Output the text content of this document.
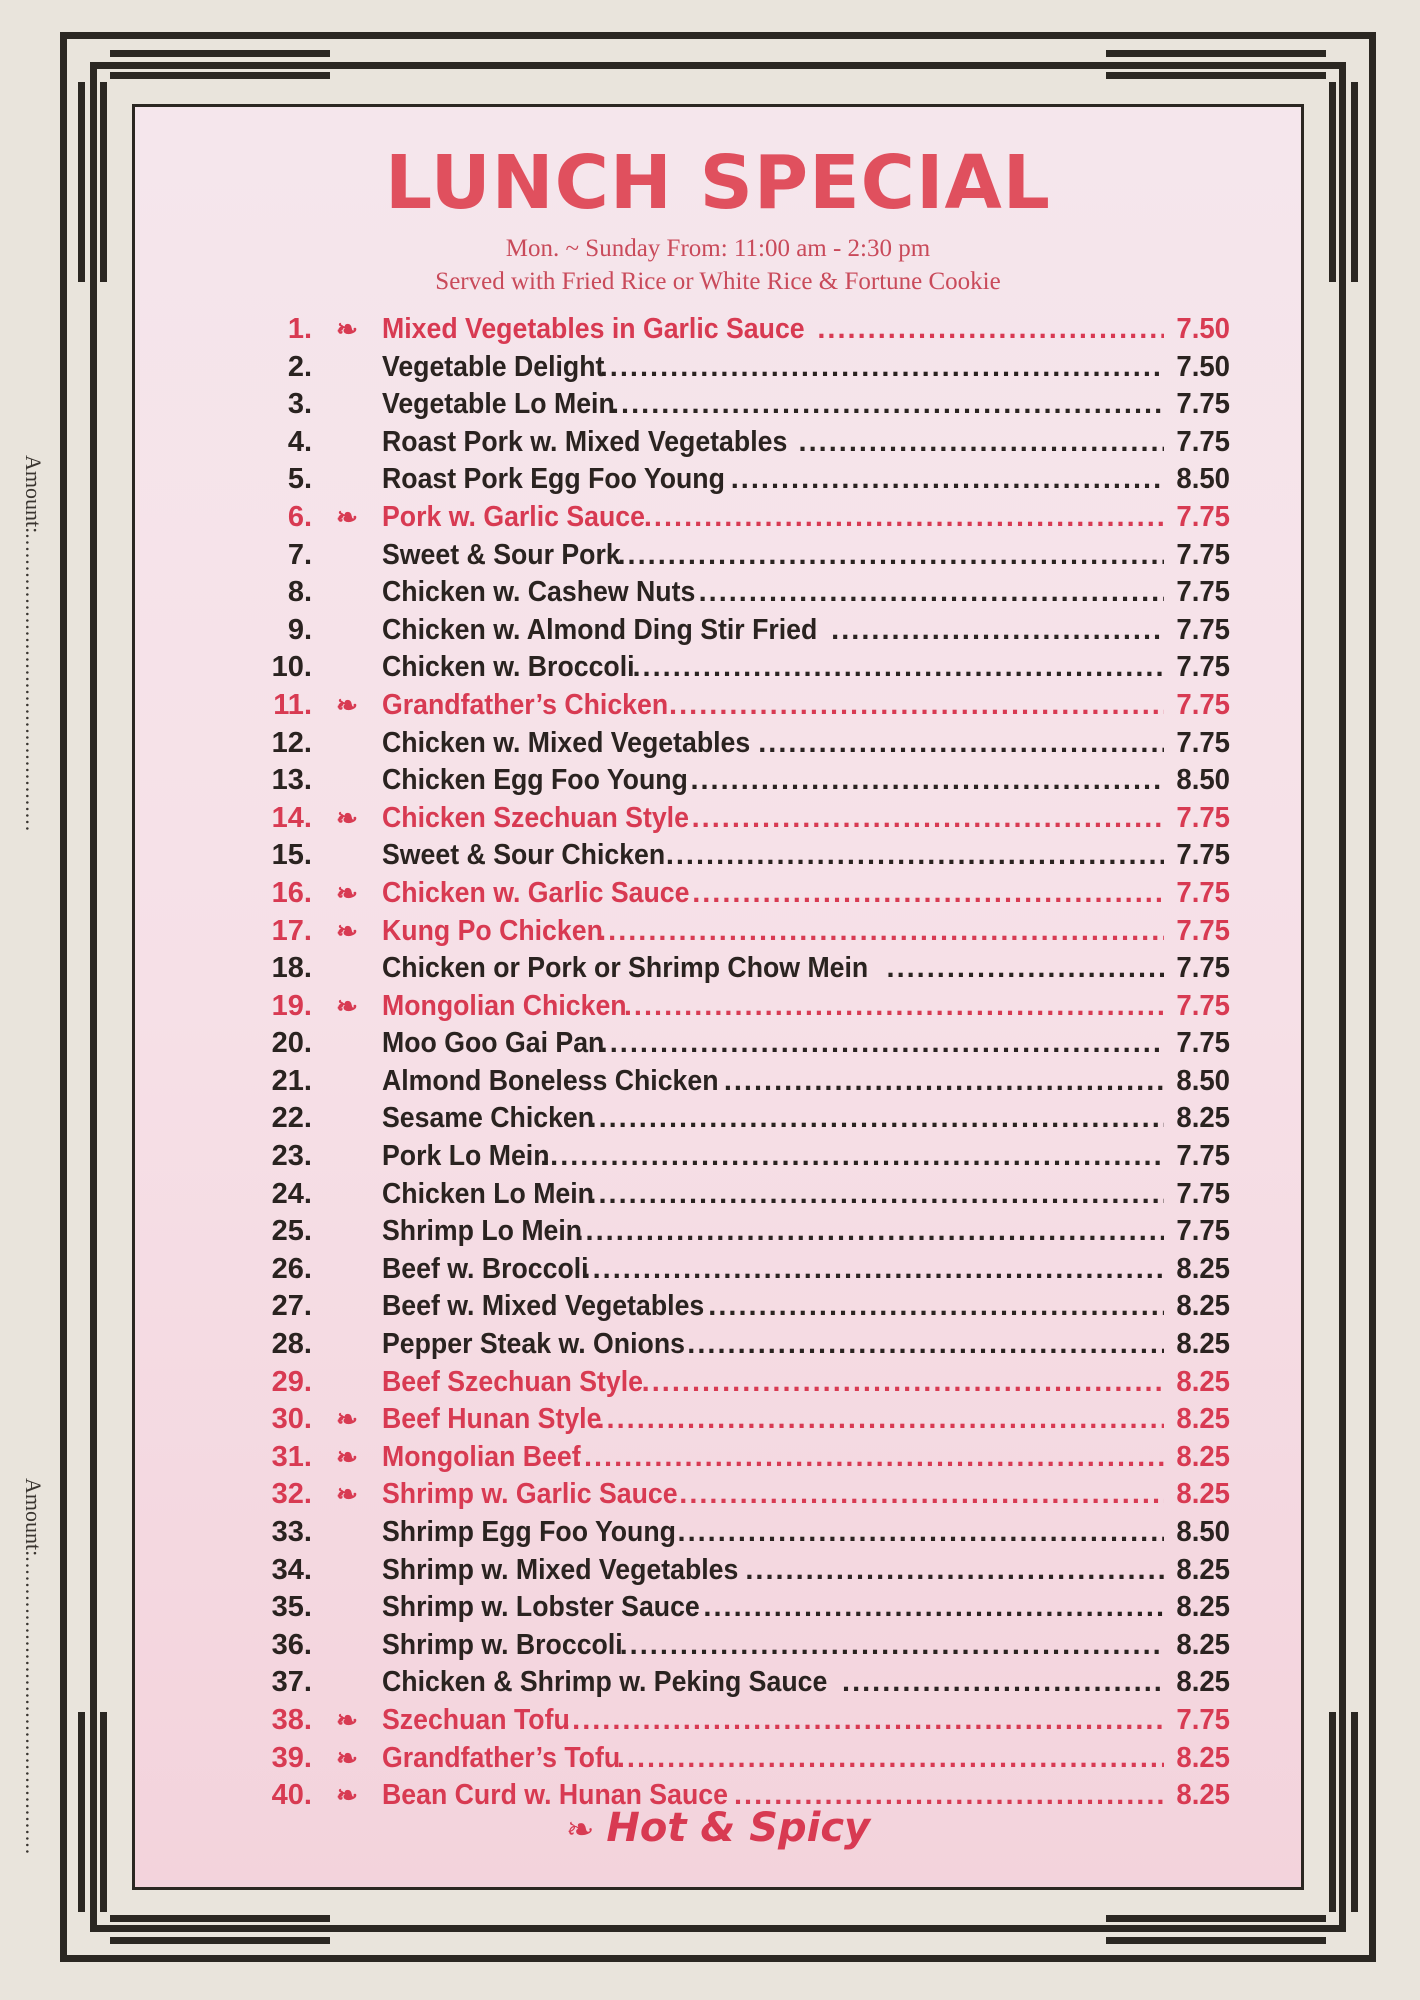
Amount:..............................................
Amount:..............................................
LUNCH SPECIAL
Mon. ~ Sunday From: 11:00 am - 2:30 pm
Served with Fried Rice or White Rice & Fortune Cookie
1. ❧ Mixed Vegetables in Garlic Sauce .....	7.50
2. Vegetable Delight .....	7.50
3. Vegetable Lo Mein .....	7.75
4. Roast Pork w. Mixed Vegetables .....	7.75
5. Roast Pork Egg Foo Young .....	8.50
6. ❧ Pork w. Garlic Sauce .....	7.75
7. Sweet & Sour Pork .....	7.75
8. Chicken w. Cashew Nuts .....	7.75
9. Chicken w. Almond Ding Stir Fried .....	7.75
10. Chicken w. Broccoli .....	7.75
11. ❧ Grandfather’s Chicken .....	7.75
12. Chicken w. Mixed Vegetables .....	7.75
13. Chicken Egg Foo Young .....	8.50
14. ❧ Chicken Szechuan Style .....	7.75
15. Sweet & Sour Chicken .....	7.75
16. ❧ Chicken w. Garlic Sauce .....	7.75
17. ❧ Kung Po Chicken .....	7.75
18. Chicken or Pork or Shrimp Chow Mein .....	7.75
19. ❧ Mongolian Chicken .....	7.75
20. Moo Goo Gai Pan .....	7.75
21. Almond Boneless Chicken .....	8.50
22. Sesame Chicken .....	8.25
23. Pork Lo Mein .....	7.75
24. Chicken Lo Mein .....	7.75
25. Shrimp Lo Mein .....	7.75
26. Beef w. Broccoli .....	8.25
27. Beef w. Mixed Vegetables .....	8.25
28. Pepper Steak w. Onions .....	8.25
29. Beef Szechuan Style .....	8.25
30. ❧ Beef Hunan Style .....	8.25
31. ❧ Mongolian Beef .....	8.25
32. ❧ Shrimp w. Garlic Sauce .....	8.25
33. Shrimp Egg Foo Young .....	8.50
34. Shrimp w. Mixed Vegetables .....	8.25
35. Shrimp w. Lobster Sauce .....	8.25
36. Shrimp w. Broccoli .....	8.25
37. Chicken & Shrimp w. Peking Sauce .....	8.25
38. ❧ Szechuan Tofu .....	7.75
39. ❧ Grandfather’s Tofu .....	8.25
40. ❧ Bean Curd w. Hunan Sauce .....	8.25
❧ Hot & Spicy
